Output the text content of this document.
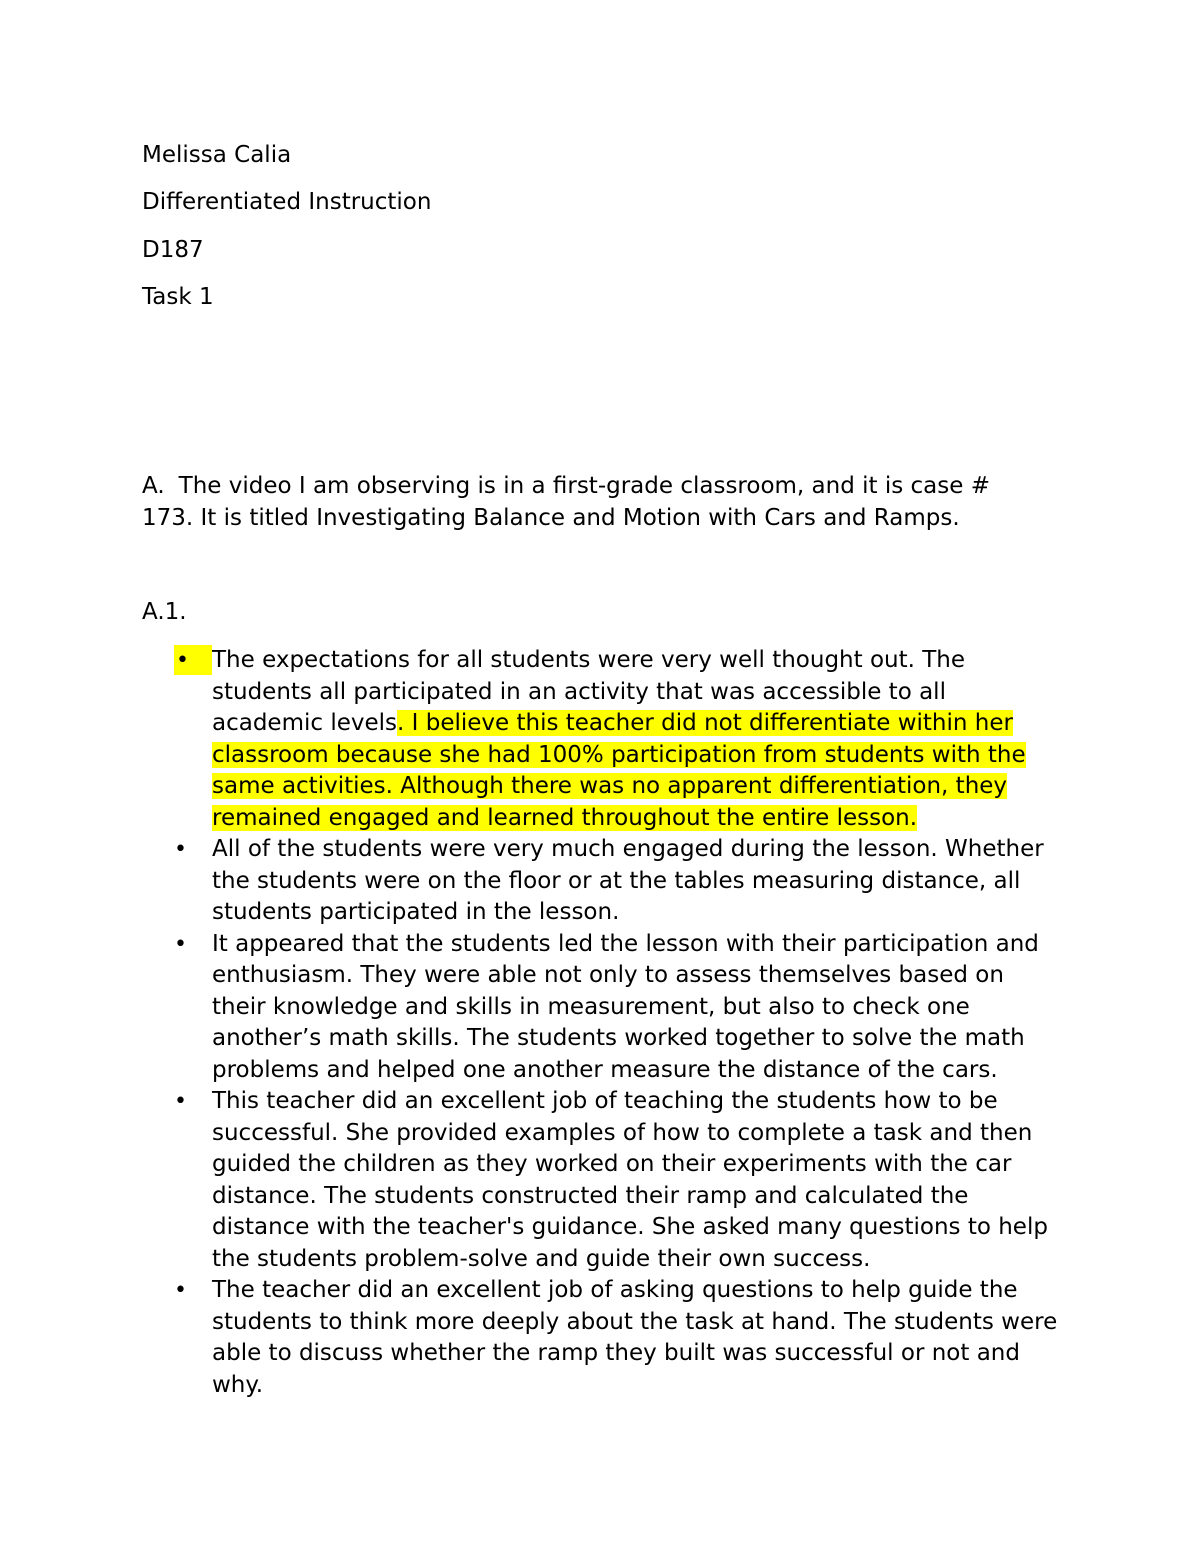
Melissa Calia
Differentiated Instruction
D187
Task 1
A. The video I am observing is in a first-grade classroom, and it is case # 173. It is titled Investigating Balance and Motion with Cars and Ramps.
A.1.
•	The expectations for all students were very well thought out. The students all participated in an activity that was accessible to all academic levels. I believe this teacher did not differentiate within her classroom because she had 100% participation from students with the same activities. Although there was no apparent differentiation, they remained engaged and learned throughout the entire lesson.
•	All of the students were very much engaged during the lesson. Whether the students were on the floor or at the tables measuring distance, all students participated in the lesson.
•	It appeared that the students led the lesson with their participation and enthusiasm. They were able not only to assess themselves based on their knowledge and skills in measurement, but also to check one another’s math skills. The students worked together to solve the math problems and helped one another measure the distance of the cars.
•	This teacher did an excellent job of teaching the students how to be successful. She provided examples of how to complete a task and then guided the children as they worked on their experiments with the car distance. The students constructed their ramp and calculated the distance with the teacher's guidance. She asked many questions to help the students problem-solve and guide their own success.
•	The teacher did an excellent job of asking questions to help guide the students to think more deeply about the task at hand. The students were able to discuss whether the ramp they built was successful or not and why.
